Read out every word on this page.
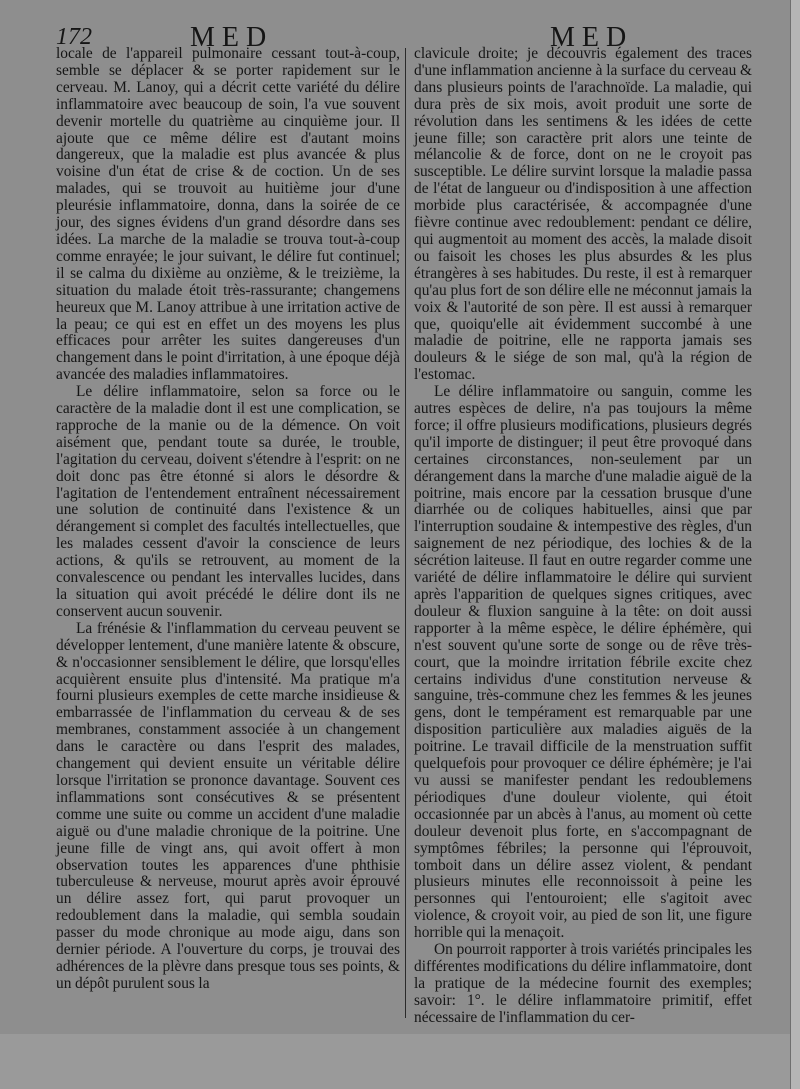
172	MED	MED

locale de l'appareil pulmonaire cessant tout-à-coup, semble se déplacer & se porter rapidement sur le cerveau. M. Lanoy, qui a décrit cette variété du délire inflammatoire avec beaucoup de soin, l'a vue souvent devenir mortelle du quatrième au cinquième jour. Il ajoute que ce même délire est d'autant moins dangereux, que la maladie est plus avancée & plus voisine d'un état de crise & de coction. Un de ses malades, qui se trouvoit au huitième jour d'une pleurésie inflammatoire, donna, dans la soirée de ce jour, des signes évidens d'un grand désordre dans ses idées. La marche de la maladie se trouva tout-à-coup comme enrayée; le jour suivant, le délire fut continuel; il se calma du dixième au onzième, & le treizième, la situation du malade étoit très-rassurante; changemens heureux que M. Lanoy attribue à une irritation active de la peau; ce qui est en effet un des moyens les plus efficaces pour arrêter les suites dangereuses d'un changement dans le point d'irritation, à une époque déjà avancée des maladies inflammatoires.

Le délire inflammatoire, selon sa force ou le caractère de la maladie dont il est une complication, se rapproche de la manie ou de la démence. On voit aisément que, pendant toute sa durée, le trouble, l'agitation du cerveau, doivent s'étendre à l'esprit: on ne doit donc pas être étonné si alors le désordre & l'agitation de l'entendement entraînent nécessairement une solution de continuité dans l'existence & un dérangement si complet des facultés intellectuelles, que les malades cessent d'avoir la conscience de leurs actions, & qu'ils se retrouvent, au moment de la convalescence ou pendant les intervalles lucides, dans la situation qui avoit précédé le délire dont ils ne conservent aucun souvenir.

La frénésie & l'inflammation du cerveau peuvent se développer lentement, d'une manière latente & obscure, & n'occasionner sensiblement le délire, que lorsqu'elles acquièrent ensuite plus d'intensité. Ma pratique m'a fourni plusieurs exemples de cette marche insidieuse & embarrassée de l'inflammation du cerveau & de ses membranes, constamment associée à un changement dans le caractère ou dans l'esprit des malades, changement qui devient ensuite un véritable délire lorsque l'irritation se prononce davantage. Souvent ces inflammations sont consécutives & se présentent comme une suite ou comme un accident d'une maladie aiguë ou d'une maladie chronique de la poitrine. Une jeune fille de vingt ans, qui avoit offert à mon observation toutes les apparences d'une phthisie tuberculeuse & nerveuse, mourut après avoir éprouvé un délire assez fort, qui parut provoquer un redoublement dans la maladie, qui sembla soudain passer du mode chronique au mode aigu, dans son dernier période. A l'ouverture du corps, je trouvai des adhérences de la plèvre dans presque tous ses points, & un dépôt purulent sous la

clavicule droite; je découvris également des traces d'une inflammation ancienne à la surface du cerveau & dans plusieurs points de l'arachnoïde. La maladie, qui dura près de six mois, avoit produit une sorte de révolution dans les sentimens & les idées de cette jeune fille; son caractère prit alors une teinte de mélancolie & de force, dont on ne le croyoit pas susceptible. Le délire survint lorsque la maladie passa de l'état de langueur ou d'indisposition à une affection morbide plus caractérisée, & accompagnée d'une fièvre continue avec redoublement: pendant ce délire, qui augmentoit au moment des accès, la malade disoit ou faisoit les choses les plus absurdes & les plus étrangères à ses habitudes. Du reste, il est à remarquer qu'au plus fort de son délire elle ne méconnut jamais la voix & l'autorité de son père. Il est aussi à remarquer que, quoiqu'elle ait évidemment succombé à une maladie de poitrine, elle ne rapporta jamais ses douleurs & le siége de son mal, qu'à la région de l'estomac.

Le délire inflammatoire ou sanguin, comme les autres espèces de delire, n'a pas toujours la même force; il offre plusieurs modifications, plusieurs degrés qu'il importe de distinguer; il peut être provoqué dans certaines circonstances, non-seulement par un dérangement dans la marche d'une maladie aiguë de la poitrine, mais encore par la cessation brusque d'une diarrhée ou de coliques habituelles, ainsi que par l'interruption soudaine & intempestive des règles, d'un saignement de nez périodique, des lochies & de la sécrétion laiteuse. Il faut en outre regarder comme une variété de délire inflammatoire le délire qui survient après l'apparition de quelques signes critiques, avec douleur & fluxion sanguine à la tête: on doit aussi rapporter à la même espèce, le délire éphémère, qui n'est souvent qu'une sorte de songe ou de rêve très-court, que la moindre irritation fébrile excite chez certains individus d'une constitution nerveuse & sanguine, très-commune chez les femmes & les jeunes gens, dont le tempérament est remarquable par une disposition particulière aux maladies aiguës de la poitrine. Le travail difficile de la menstruation suffit quelquefois pour provoquer ce délire éphémère; je l'ai vu aussi se manifester pendant les redoublemens périodiques d'une douleur violente, qui étoit occasionnée par un abcès à l'anus, au moment où cette douleur devenoit plus forte, en s'accompagnant de symptômes fébriles; la personne qui l'éprouvoit, tomboit dans un délire assez violent, & pendant plusieurs minutes elle reconnoissoit à peine les personnes qui l'entouroient; elle s'agitoit avec violence, & croyoit voir, au pied de son lit, une figure horrible qui la menaçoit.

On pourroit rapporter à trois variétés principales les différentes modifications du délire inflammatoire, dont la pratique de la médecine fournit des exemples; savoir: 1°. le délire inflammatoire primitif, effet nécessaire de l'inflammation du cer-
